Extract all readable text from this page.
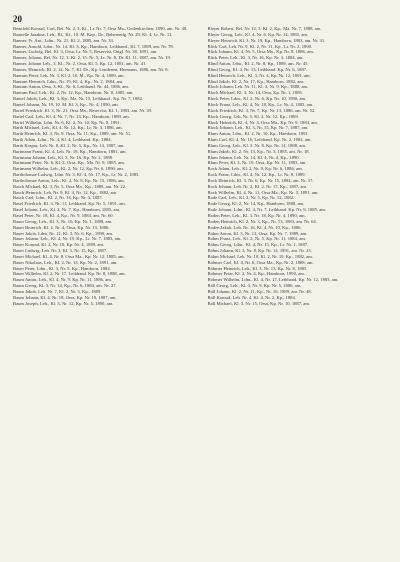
20
Beanfeld Konrad, Carl, Bel. Nr. 2, 3. Kl., Lr. Nr. 7, Orsa Ma., Geilenkirchen, 1890, am. Nr. 48.
Baanelle Jaaakne, Leh., Rl., Kl., 10. M. Kop., Dr., Reherendg. Nr. 29, Kl. 4, Lr. Nr. 11.
Banner, Fr. Ant., Ldm., Nr. 21, Kl. 2, 1885, am. Nr. 33.
Banner, Arnold, Ldm., Nr. 14, Kl. 3, Kp., Hamborn, Leibhand., Kl. 7, 1889, am. Nr. 78.
Banner, Ludwig, Bel. Kl. 3, Orsa, Lr. Nr. 5, Reservist, Ortgl. Nr. 38, 1891, am.
Banner, Johann, Bel. Nr. 12, 3. Kl. 2, 15. Nr. 5, Lr. Nr. 8, Dr. Kl. 11, 1887, am. Nr. 19.
Banner, Johann Leh., 3. Kl., Nr. 2, Orsa, Kl. 5, Kp. 12, 1881, am. Nr. 41.
Banner, Heinrich, Rl. 2, 14. Nr. 7, Kl. Dr., Kp. Lendenen, Hermann, 1886, am. Nr. 8.
Bantum Peter, Leh. Nr. 3, Kl. 2, 10. M., Kp. Nr. 4, 1889, am.
Bantum Heinrich, Ldm., Nr. 19, Kl. 4, Kp., Nr. 2, 1884, am.
Bantum Anton, Orsa, 3. Kl., Nr. 6, Leibhand. Nr. 44, 1886, am.
Bantum Paul, Leh., Kl. 2, Nr. 12, Kp., Hamborn, Nr. 8, 1885, am.
Bantel Jakob, Leh., Kl. 3, Kp., Ma. Nr. 15, Leibhand., Kp. Nr. 7, 1882.
Bantel Johann, Nr. 19, 10. M. Kl. 3, Kp., Nr. 4, 1890, am.
Bartel Friedrich, Kl. 3, Nr. 21, Orsa Ma., Reservist, Kl. 1, 1883, am. Nr. 39.
Bartel Carl, Leh., Kl. 4, Nr. 7, Nr. 13, Kp., Hamborn, 1889, am.
Bartel Wilhelm, Ldm. Nr. 6, Kl. 2, Nr. 10, Kp. Nr. 8, 1891.
Barth Michael, Leh., Kl. 4, Nr. 12, Kp., Lr. Nr. 3, 1886, am.
Barth Heinrich, Kl. 3, Nr. 9, Orsa, Nr. 11, Kp., 1889, am. Nr. 51.
Barth Adam, Ldm., Nr. 4, Kl. 4, Leibhand. Kp., 1884.
Barth Kaspar, Leh. Nr. 8, Kl. 2, Nr. 5, Kp., Nr. 14, 1887, am.
Bartmann Franz, Kl. 4, Leh. Nr. 19, Kp., Hamborn, 1881, am.
Bartmann Johann, Leh., Kl. 3, Nr. 16, Kp. Nr. 2, 1888.
Bartmann Peter, Nr. 6, Kl. 2, Orsa, Kp., Ma. Nr. 9, 1885, am.
Bartmann Wilhelm, Leh., Kl. 2, Nr. 12, Kp. Nr. 6, 1890, am.
Bartholomae Ludwig, Ldm. Nr. 3, Kl. 4, Nr. 17, Kp., Lr. Nr. 2, 1883.
Bartholomae Anton, Leh., Kl. 2, Nr. 8, Kp. Nr. 15, 1886, am.
Basch Michael, Kl. 3, Nr. 5, Orsa Ma., Kp., 1889, am. Nr. 22.
Basch Heinrich, Leh. Nr. 9, Kl. 4, Nr. 12, Kp., 1882, am.
Basch Carl, Ldm., Kl. 2, Nr. 14, Kp. Nr. 3, 1887.
Basel Friedrich, Kl. 3, Nr. 11, Leibhand. Kp. Nr. 5, 1891, am.
Basel Johann, Leh., Kl. 2, Nr. 7, Kp., Hamborn, 1885, am.
Basel Peter, Nr. 18, Kl. 4, Kp., Nr. 9, 1884, am. Nr. 60.
Bauer Georg, Leh., Kl. 3, Nr. 16, Kp. Nr. 1, 1888, am.
Bauer Heinrich, Kl. 2, Nr. 4, Orsa, Kp. Nr. 13, 1886.
Bauer Jakob, Ldm. Nr. 12, Kl. 3, Nr. 6, Kp., 1890, am.
Bauer Johann, Leh., Kl. 4, Nr. 19, Kp., Lr. Nr. 7, 1883, am.
Bauer Konrad, Kl. 2, Nr. 10, Kp. Nr. 4, 1889, am.
Bauer Ludwig, Leh. Nr. 3, Kl. 3, Nr. 15, Kp., 1887.
Bauer Michael, Kl. 4, Nr. 8, Orsa Ma., Kp. Nr. 12, 1885, am.
Bauer Nikolaus, Leh., Kl. 2, Nr. 13, Kp. Nr. 2, 1891, am.
Bauer Peter, Ldm., Kl. 3, Nr. 5, Kp., Hamborn, 1882.
Bauer Wilhelm, Kl. 2, Nr. 17, Leibhand. Kp. Nr. 8, 1888, am.
Baum Anton, Leh., Kl. 4, Nr. 9, Kp. Nr. 11, 1886, am.
Baum Georg, Kl. 3, Nr. 14, Kp., Nr. 6, 1884, am. Nr. 27.
Baum Jakob, Leh. Nr. 7, Kl. 2, Nr. 3, Kp., 1889.
Baum Johann, Kl. 4, Nr. 18, Orsa, Kp. Nr. 10, 1887, am.
Baum Joseph, Leh., Kl. 3, Nr. 12, Kp. Nr. 5, 1890, am.
Bleyer Robert, Bel. Nr. 12, 3. Kl. 2, Kp., Ma. Nr. 7, 1888, am.
Bleyer Georg, Leh., Kl. 4, Nr. 6, Kp. Nr. 14, 1885, am.
Bleyer Heinrich, Kl. 3, Nr. 19, Kp., Hamborn, 1883, am. Nr. 31.
Blick Carl, Leh. Nr. 9, Kl. 2, Nr. 11, Kp., Lr. Nr. 2, 1890.
Blick Johann, Kl. 4, Nr. 5, Orsa Ma., Kp. Nr. 8, 1886, am.
Blick Peter, Leh., Kl. 3, Nr. 16, Kp. Nr. 3, 1884, am.
Blind Anton, Ldm., Kl. 2, Nr. 8, Kp., 1889, am. Nr. 45.
Blind Georg, Kl. 4, Nr. 13, Leibhand. Kp. Nr. 6, 1887.
Blind Heinrich, Leh., Kl. 3, Nr. 4, Kp. Nr. 12, 1891, am.
Blind Jakob, Kl. 2, Nr. 17, Kp., Hamborn, 1882, am.
Bloch Johann, Leh. Nr. 11, Kl. 4, Nr. 9, Kp., 1888, am.
Bloch Michael, Kl. 3, Nr. 14, Orsa, Kp. Nr. 1, 1885.
Bloch Peter, Ldm., Kl. 2, Nr. 6, Kp. Nr. 10, 1890, am.
Block Franz, Leh., Kl. 4, Nr. 18, Kp., Lr. Nr. 4, 1883, am.
Block Friedrich, Kl. 3, Nr. 7, Kp. Nr. 13, 1886, am. Nr. 52.
Block Georg, Leh. Nr. 5, Kl. 2, Nr. 12, Kp., 1889.
Block Heinrich, Kl. 4, Nr. 3, Orsa Ma., Kp. Nr. 9, 1884, am.
Block Johann, Leh., Kl. 3, Nr. 15, Kp. Nr. 7, 1887, am.
Blum Anton, Ldm., Kl. 2, Nr. 10, Kp., Hamborn, 1891.
Blum Carl, Kl. 4, Nr. 16, Leibhand. Kp. Nr. 2, 1882, am.
Blum Georg, Leh., Kl. 3, Nr. 8, Kp. Nr. 14, 1888, am.
Blum Jakob, Kl. 2, Nr. 13, Kp., Nr. 5, 1885, am. Nr. 18.
Blum Johann, Leh. Nr. 14, Kl. 4, Nr. 4, Kp., 1890.
Blum Peter, Kl. 3, Nr. 19, Orsa, Kp. Nr. 11, 1883, am.
Bock Adam, Leh., Kl. 2, Nr. 9, Kp. Nr. 6, 1886, am.
Bock Franz, Ldm., Kl. 4, Nr. 12, Kp., Lr. Nr. 8, 1889.
Bock Heinrich, Kl. 3, Nr. 6, Kp. Nr. 15, 1884, am. Nr. 37.
Bock Johann, Leh. Nr. 2, Kl. 2, Nr. 17, Kp., 1887, am.
Bock Wilhelm, Kl. 4, Nr. 11, Orsa Ma., Kp. Nr. 3, 1891, am.
Bode Carl, Leh., Kl. 3, Nr. 5, Kp. Nr. 12, 1882.
Bode Georg, Kl. 2, Nr. 14, Kp., Hamborn, 1888, am.
Bode Johann, Ldm., Kl. 4, Nr. 7, Leibhand. Kp. Nr. 9, 1885, am.
Boden Peter, Leh., Kl. 3, Nr. 18, Kp. Nr. 4, 1890, am.
Boden Heinrich, Kl. 2, Nr. 3, Kp., Nr. 13, 1883, am. Nr. 64.
Boden Jakob, Leh. Nr. 16, Kl. 4, Nr. 10, Kp., 1886.
Böhm Anton, Kl. 3, Nr. 12, Orsa, Kp. Nr. 7, 1889, am.
Böhm Franz, Leh., Kl. 2, Nr. 5, Kp. Nr. 11, 1884, am.
Böhm Georg, Ldm., Kl. 4, Nr. 15, Kp., Lr. Nr. 1, 1887.
Böhm Johann, Kl. 3, Nr. 8, Kp. Nr. 14, 1891, am. Nr. 23.
Böhm Michael, Leh. Nr. 10, Kl. 2, Nr. 19, Kp., 1882, am.
Böhmer Carl, Kl. 4, Nr. 6, Orsa Ma., Kp. Nr. 2, 1888, am.
Böhmer Heinrich, Leh., Kl. 3, Nr. 13, Kp. Nr. 8, 1885.
Böhmer Peter, Kl. 2, Nr. 4, Kp., Hamborn, 1890, am.
Böhmer Wilhelm, Ldm., Kl. 4, Nr. 17, Leibhand. Kp. Nr. 12, 1883, am.
Böll Georg, Leh., Kl. 3, Nr. 9, Kp. Nr. 5, 1886, am.
Böll Johann, Kl. 2, Nr. 11, Kp., Nr. 16, 1889, am. Nr. 48.
Böll Konrad, Leh. Nr. 4, Kl. 4, Nr. 2, Kp., 1884.
Böll Michael, Kl. 3, Nr. 15, Orsa, Kp. Nr. 10, 1887, am.
